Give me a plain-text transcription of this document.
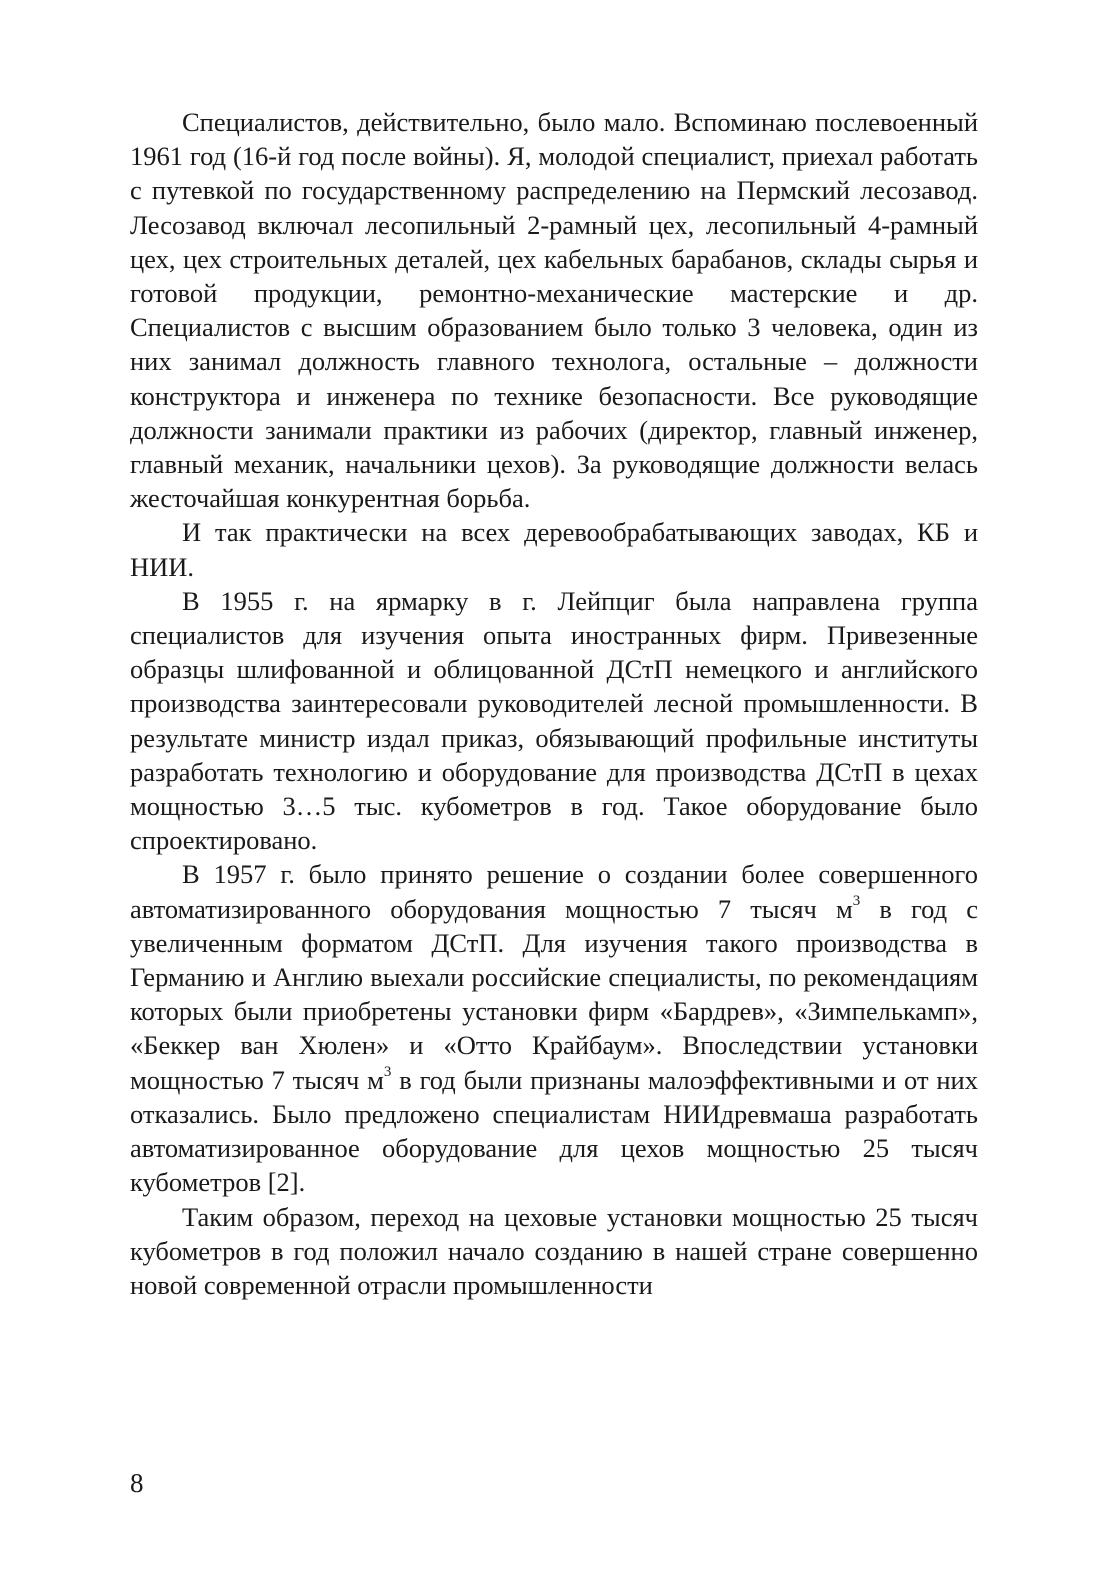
Специалистов, действительно, было мало. Вспоминаю послевоенный 1961 год (16-й год после войны). Я, молодой специалист, приехал работать с путевкой по государственному распределению на Пермский лесозавод. Лесозавод включал лесопильный 2-рамный цех, лесопильный 4-рамный цех, цех строительных деталей, цех кабельных барабанов, склады сырья и готовой продукции, ремонтно-механические мастерские и др. Специалистов с высшим образованием было только 3 человека, один из них занимал должность главного технолога, остальные – должности конструктора и инженера по технике безопасности. Все руководящие должности занимали практики из рабочих (директор, главный инженер, главный механик, начальники цехов). За руководящие должности велась жесточайшая конкурентная борьба.

И так практически на всех деревообрабатывающих заводах, КБ и НИИ.

В 1955 г. на ярмарку в г. Лейпциг была направлена группа специалистов для изучения опыта иностранных фирм. Привезенные образцы шлифованной и облицованной ДСтП немецкого и английского производства заинтересовали руководителей лесной промышленности. В результате министр издал приказ, обязывающий профильные институты разработать технологию и оборудование для производства ДСтП в цехах мощностью 3…5 тыс. кубометров в год. Такое оборудование было спроектировано.

В 1957 г. было принято решение о создании более совершенного автоматизированного оборудования мощностью 7 тысяч $м^3$ в год с увеличенным форматом ДСтП. Для изучения такого производства в Германию и Англию выехали российские специалисты, по рекомендациям которых были приобретены установки фирм «Бардрев», «Зимпелькамп», «Беккер ван Хюлен» и «Отто Крайбаум». Впоследствии установки мощностью 7 тысяч $м^3$ в год были признаны малоэффективными и от них отказались. Было предложено специалистам НИИдревмаша разработать автоматизированное оборудование для цехов мощностью 25 тысяч кубометров [2].

Таким образом, переход на цеховые установки мощностью 25 тысяч кубометров в год положил начало созданию в нашей стране совершенно новой современной отрасли промышленности

8
